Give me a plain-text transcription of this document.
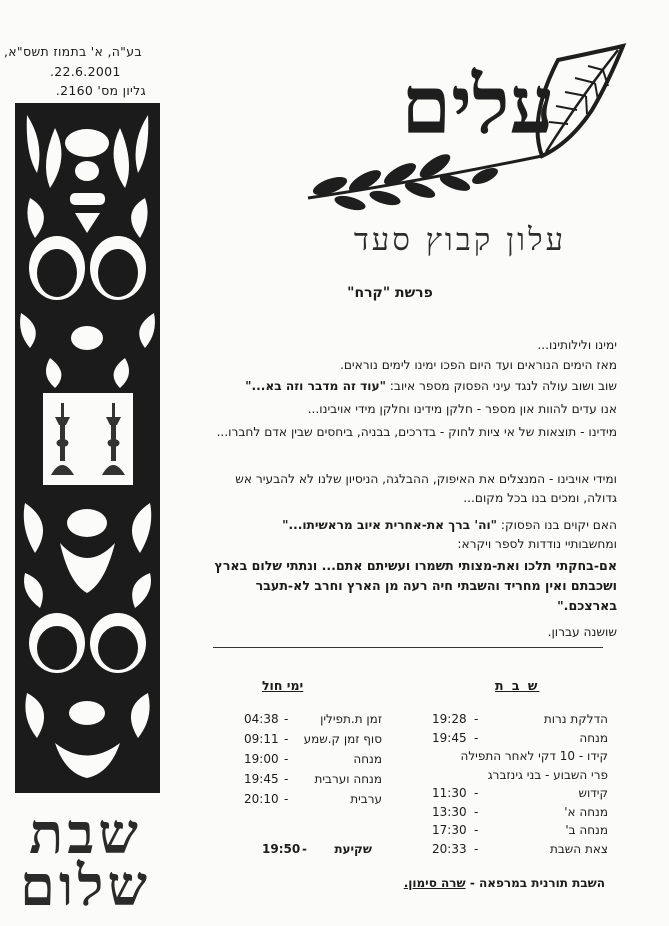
בע"ה, א' בתמוז תשס"א,
.22.6.2001
גליון מס' 2160.
שבת
שלום
עלים
עלון קבוץ סעד
פרשת "קרח"
ימינו ולילותינו...
מאז הימים הנוראים ועד היום הפכו ימינו לימים נוראים.
שוב ושוב עולה לנגד עיני הפסוק מספר איוב: "עוד זה מדבר וזה בא..."
אנו עדים להוות און מספר - חלקן מידינו וחלקן מידי אויבינו...
מידינו - תוצאות של אי ציות לחוק - בדרכים, בבניה, ביחסים שבין אדם לחברו...
ומידי אויבינו - המנצלים את האיפוק, ההבלגה, הניסיון שלנו לא להבעיר אש גדולה, ומכים בנו בכל מקום...
האם יקוים בנו הפסוק: "וה' ברך את-אחרית איוב מראשיתו..."
ומחשבותיי נודדות לספר ויקרא:
אם-בחקתי תלכו ואת-מצותי תשמרו ועשיתם אתם... ונתתי שלום בארץ ושכבתם ואין מחריד והשבתי חיה רעה מן הארץ וחרב לא-תעבר בארצכם."
שושנה עברון.
ימי חול
זמן ת.תפילין
04:38 -
סוף זמן ק.שמע
09:11 -
מנחה
19:00 -
מנחה וערבית
19:45 -
ערבית
20:10 -
19:50 - שקיעת
ש ב ת
הדלקת נרות
19:28 -
מנחה
19:45 -
קידו - 10 דקי לאחר התפילה
פרי השבוע - בני גינזברג
קידוש
11:30 -
מנחה א'
13:30 -
מנחה ב'
17:30 -
צאת השבת
20:33 -
השבת תורנית במרפאה - שרה סימון.
